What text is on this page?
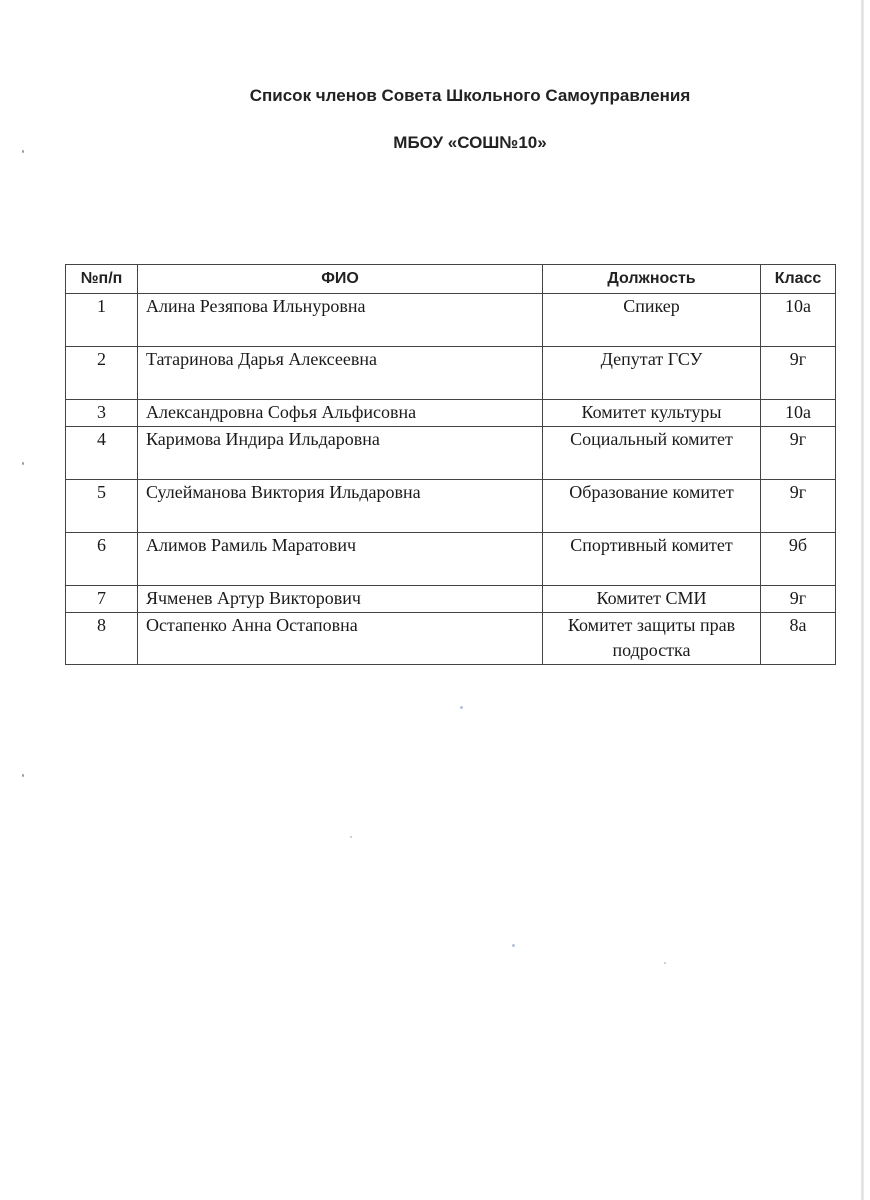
Список членов Совета Школьного Самоуправления
МБОУ «СОШ№10»
№п/п	ФИО	Должность	Класс
1	Алина Резяпова Ильнуровна	Спикер	10а
2	Татаринова Дарья Алексеевна	Депутат ГСУ	9г
3	Александровна Софья Альфисовна	Комитет культуры	10а
4	Каримова Индира Ильдаровна	Социальный комитет	9г
5	Сулейманова Виктория Ильдаровна	Образование комитет	9г
6	Алимов Рамиль Маратович	Спортивный комитет	9б
7	Ячменев Артур Викторович	Комитет СМИ	9г
8	Остапенко Анна Остаповна	Комитет защиты прав подростка	8а
